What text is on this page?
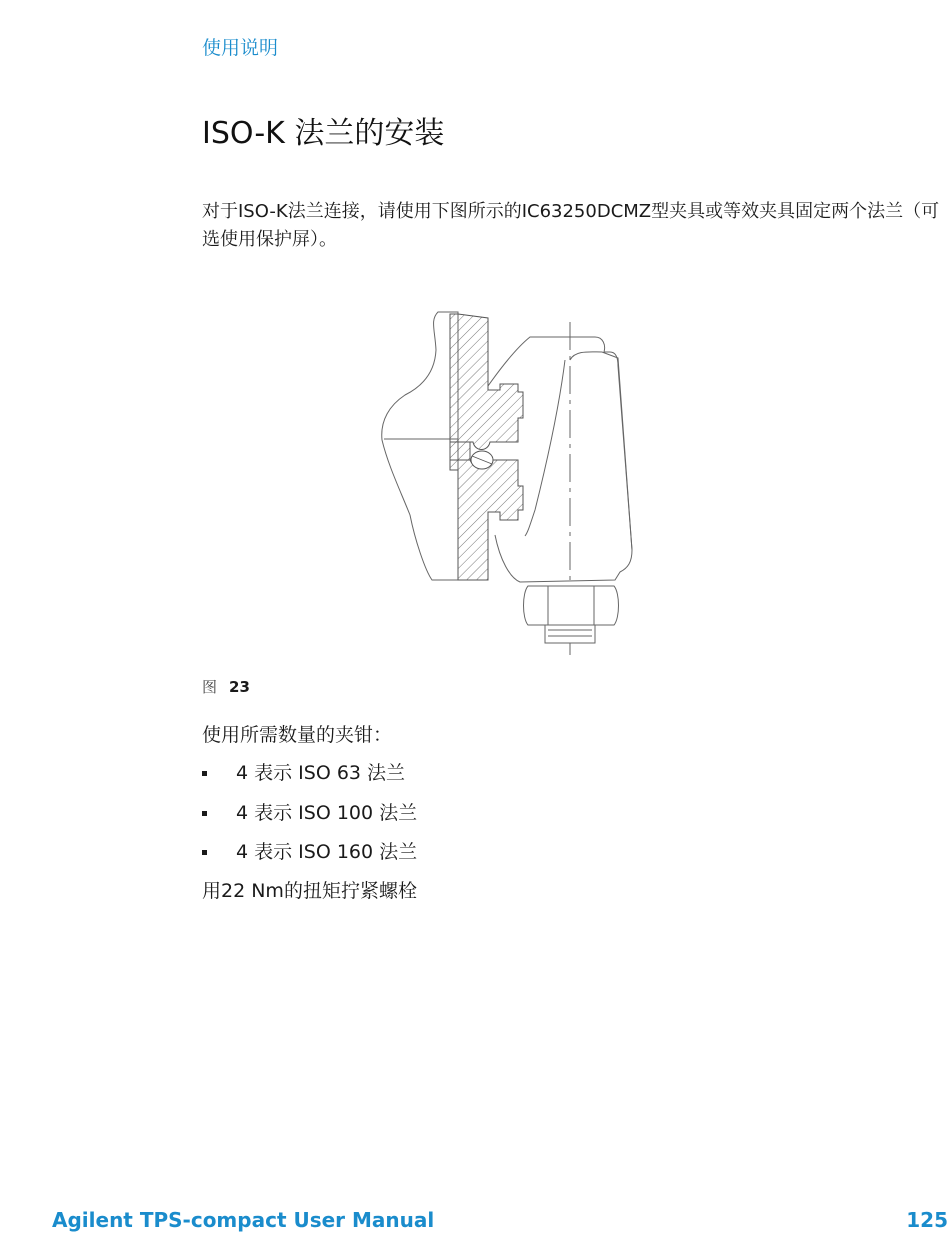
使用说明
ISO-K 法兰的安装

对于ISO-K法兰连接，请使用下图所示的IC63250DCMZ型夹具或等效夹具固定两个法兰（可选使用保护屏）。

图 23

使用所需数量的夹钳：

4 表示 ISO 63 法兰
4 表示 ISO 100 法兰
4 表示 ISO 160 法兰

用22 Nm的扭矩拧紧螺栓

Agilent TPS-compact User Manual	125
